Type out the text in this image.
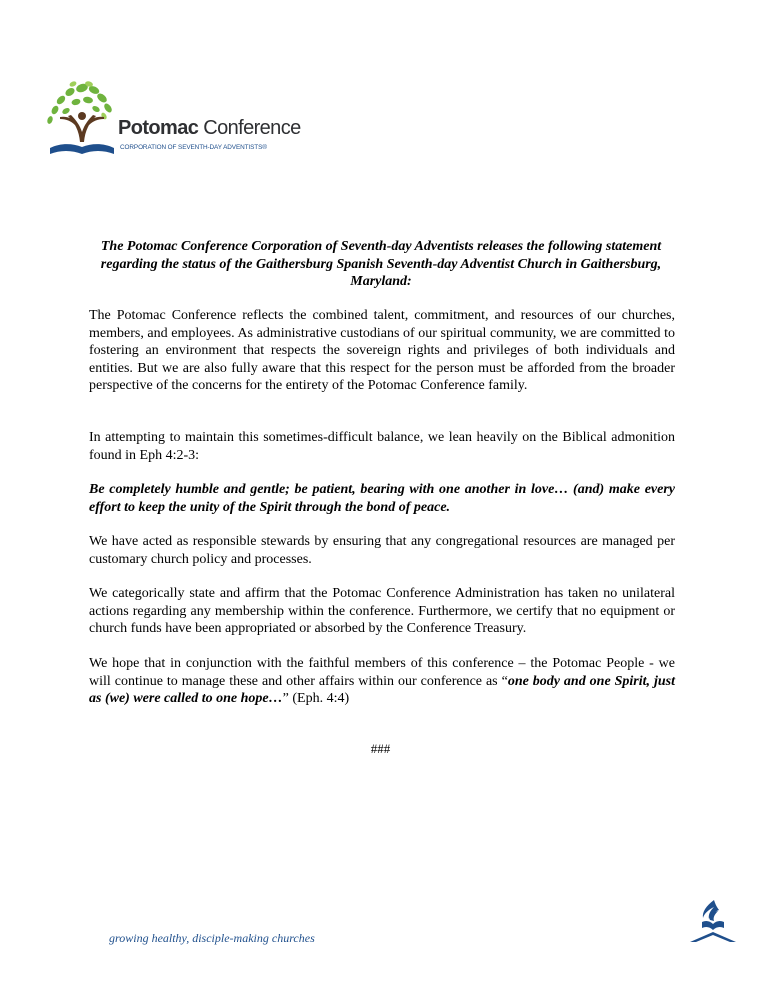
Potomac Conference
CORPORATION OF SEVENTH-DAY ADVENTISTS®

The Potomac Conference Corporation of Seventh-day Adventists releases the following statement regarding the status of the Gaithersburg Spanish Seventh-day Adventist Church in Gaithersburg, Maryland:

The Potomac Conference reflects the combined talent, commitment, and resources of our churches, members, and employees. As administrative custodians of our spiritual community, we are committed to fostering an environment that respects the sovereign rights and privileges of both individuals and entities. But we are also fully aware that this respect for the person must be afforded from the broader perspective of the concerns for the entirety of the Potomac Conference family.

In attempting to maintain this sometimes-difficult balance, we lean heavily on the Biblical admonition found in Eph 4:2-3:

Be completely humble and gentle; be patient, bearing with one another in love… (and) make every effort to keep the unity of the Spirit through the bond of peace.

We have acted as responsible stewards by ensuring that any congregational resources are managed per customary church policy and processes.

We categorically state and affirm that the Potomac Conference Administration has taken no unilateral actions regarding any membership within the conference. Furthermore, we certify that no equipment or church funds have been appropriated or absorbed by the Conference Treasury.

We hope that in conjunction with the faithful members of this conference – the Potomac People - we will continue to manage these and other affairs within our conference as “one body and one Spirit, just as (we) were called to one hope…” (Eph. 4:4)

###
growing healthy, disciple-making churches
